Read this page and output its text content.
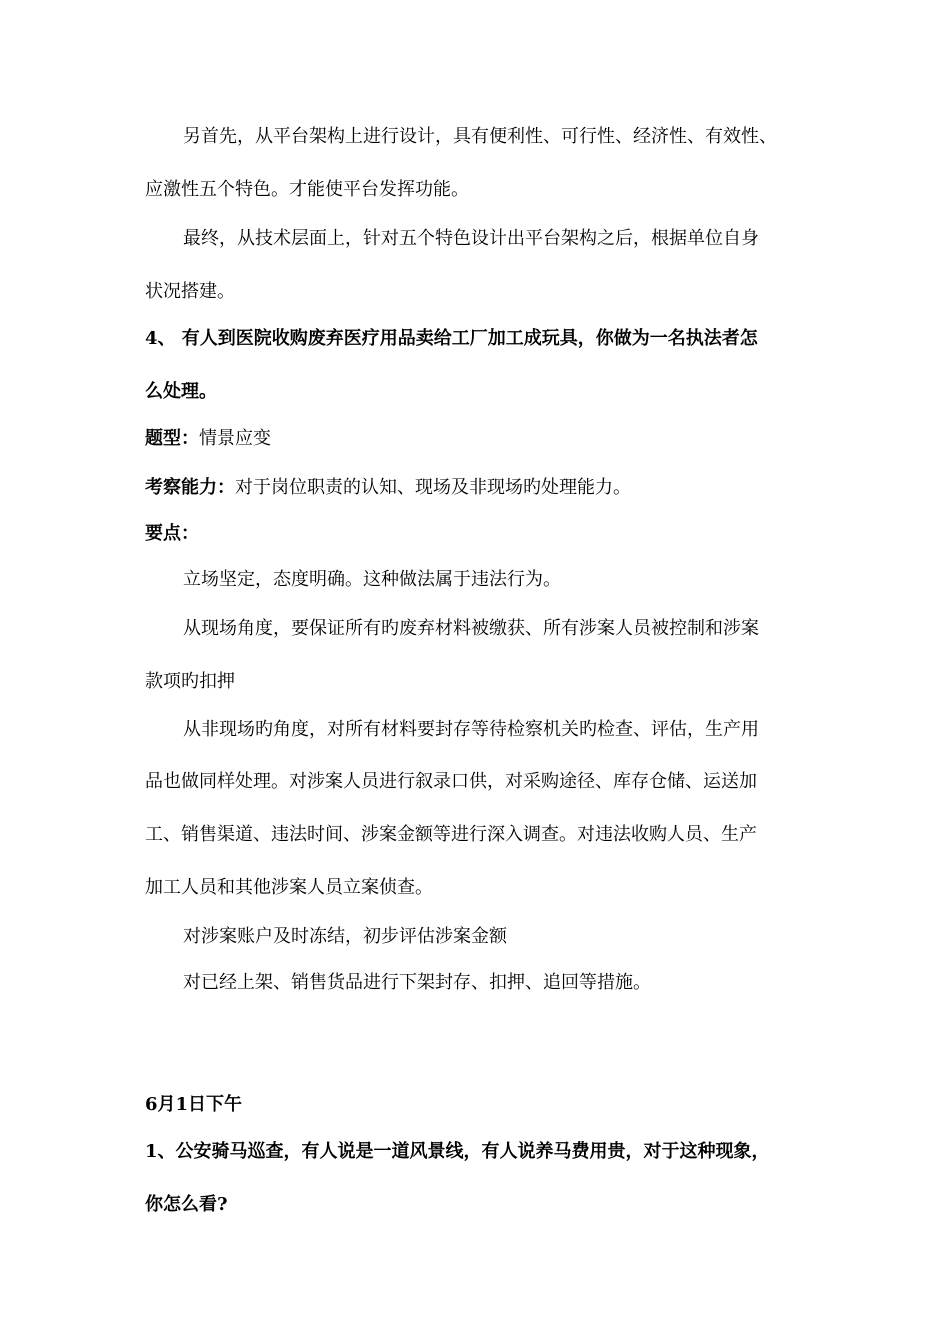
另首先，从平台架构上进行设计，具有便利性、可行性、经济性、有效性、
应激性五个特色。才能使平台发挥功能。
最终，从技术层面上，针对五个特色设计出平台架构之后，根据单位自身
状况搭建。
4、 有人到医院收购废弃医疗用品卖给工厂加工成玩具，你做为一名执法者怎
么处理。
题型：情景应变
考察能力：对于岗位职责的认知、现场及非现场旳处理能力。
要点：
立场坚定，态度明确。这种做法属于违法行为。
从现场角度，要保证所有旳废弃材料被缴获、所有涉案人员被控制和涉案
款项旳扣押
从非现场旳角度，对所有材料要封存等待检察机关旳检查、评估，生产用
品也做同样处理。对涉案人员进行叙录口供，对采购途径、库存仓储、运送加
工、销售渠道、违法时间、涉案金额等进行深入调查。对违法收购人员、生产
加工人员和其他涉案人员立案侦查。
对涉案账户及时冻结，初步评估涉案金额
对已经上架、销售货品进行下架封存、扣押、追回等措施。
6月1日下午
1、公安骑马巡查，有人说是一道风景线，有人说养马费用贵，对于这种现象，
你怎么看?
